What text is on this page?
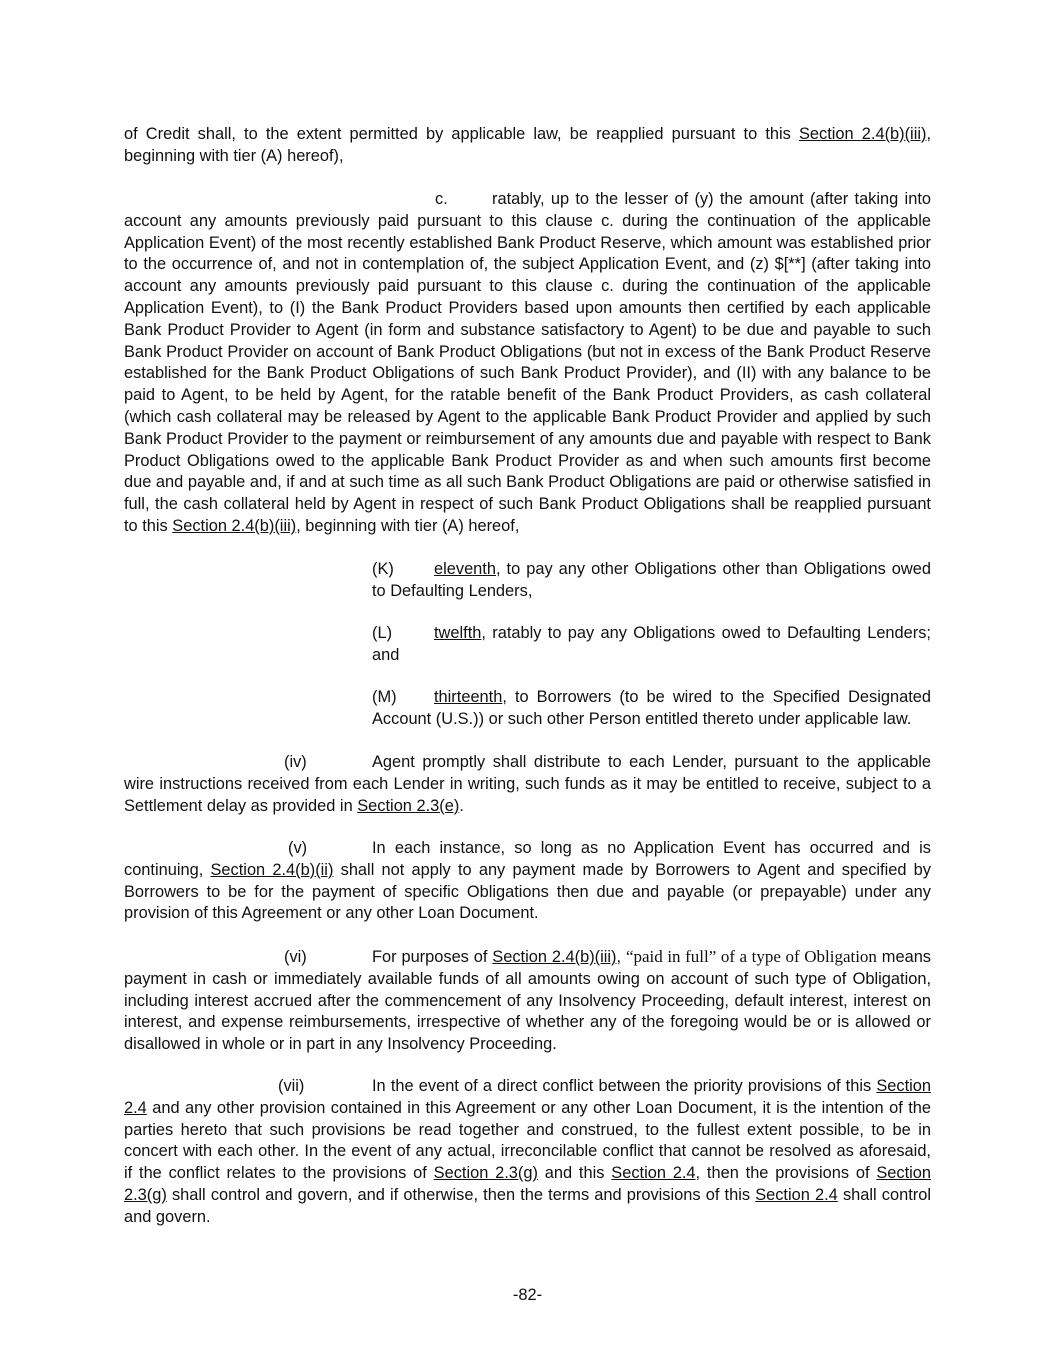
of Credit shall, to the extent permitted by applicable law, be reapplied pursuant to this Section 2.4(b)(iii), beginning with tier (A) hereof),

c.	ratably, up to the lesser of (y) the amount (after taking into account any amounts previously paid pursuant to this clause c. during the continuation of the applicable Application Event) of the most recently established Bank Product Reserve, which amount was established prior to the occurrence of, and not in contemplation of, the subject Application Event, and (z) $[**] (after taking into account any amounts previously paid pursuant to this clause c. during the continuation of the applicable Application Event), to (I) the Bank Product Providers based upon amounts then certified by each applicable Bank Product Provider to Agent (in form and substance satisfactory to Agent) to be due and payable to such Bank Product Provider on account of Bank Product Obligations (but not in excess of the Bank Product Reserve established for the Bank Product Obligations of such Bank Product Provider), and (II) with any balance to be paid to Agent, to be held by Agent, for the ratable benefit of the Bank Product Providers, as cash collateral (which cash collateral may be released by Agent to the applicable Bank Product Provider and applied by such Bank Product Provider to the payment or reimbursement of any amounts due and payable with respect to Bank Product Obligations owed to the applicable Bank Product Provider as and when such amounts first become due and payable and, if and at such time as all such Bank Product Obligations are paid or otherwise satisfied in full, the cash collateral held by Agent in respect of such Bank Product Obligations shall be reapplied pursuant to this Section 2.4(b)(iii), beginning with tier (A) hereof,

(K) eleventh, to pay any other Obligations other than Obligations owed to Defaulting Lenders,

(L)	twelfth, ratably to pay any Obligations owed to Defaulting Lenders; and

(M) thirteenth, to Borrowers (to be wired to the Specified Designated Account (U.S.)) or such other Person entitled thereto under applicable law.

(iv)	Agent promptly shall distribute to each Lender, pursuant to the applicable wire instructions received from each Lender in writing, such funds as it may be entitled to receive, subject to a Settlement delay as provided in Section 2.3(e).

(v)	In each instance, so long as no Application Event has occurred and is continuing, Section 2.4(b)(ii) shall not apply to any payment made by Borrowers to Agent and specified by Borrowers to be for the payment of specific Obligations then due and payable (or prepayable) under any provision of this Agreement or any other Loan Document.

(vi)	For purposes of Section 2.4(b)(iii), “paid in full” of a type of Obligation means payment in cash or immediately available funds of all amounts owing on account of such type of Obligation, including interest accrued after the commencement of any Insolvency Proceeding, default interest, interest on interest, and expense reimbursements, irrespective of whether any of the foregoing would be or is allowed or disallowed in whole or in part in any Insolvency Proceeding.

(vii)	In the event of a direct conflict between the priority provisions of this Section 2.4 and any other provision contained in this Agreement or any other Loan Document, it is the intention of the parties hereto that such provisions be read together and construed, to the fullest extent possible, to be in concert with each other. In the event of any actual, irreconcilable conflict that cannot be resolved as aforesaid, if the conflict relates to the provisions of Section 2.3(g) and this Section 2.4, then the provisions of Section 2.3(g) shall control and govern, and if otherwise, then the terms and provisions of this Section 2.4 shall control and govern.

-82-
